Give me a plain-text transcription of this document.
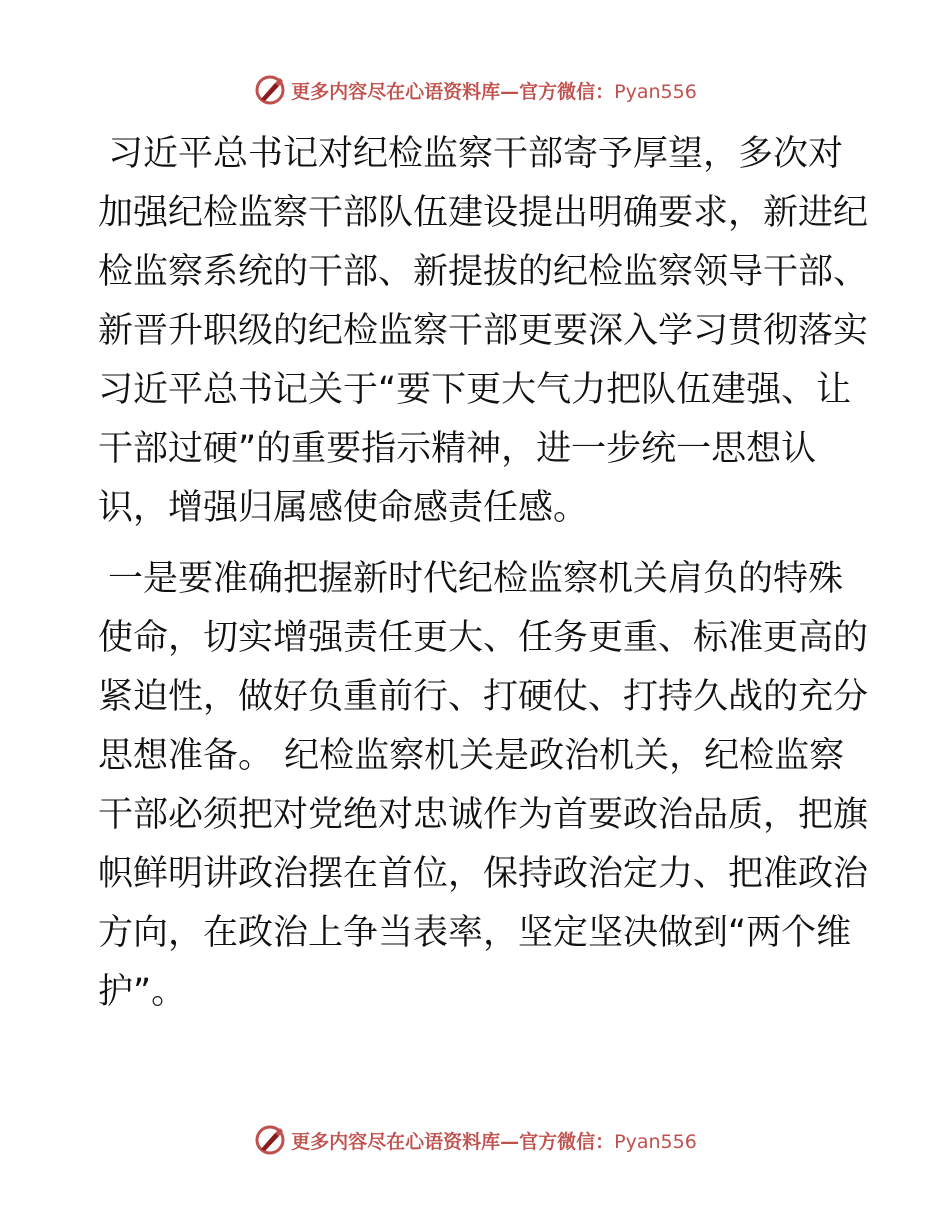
更多内容尽在心语资料库—官方微信：Pyan556
习近平总书记对纪检监察干部寄予厚望，多次对
加强纪检监察干部队伍建设提出明确要求，新进纪
检监察系统的干部、新提拔的纪检监察领导干部、
新晋升职级的纪检监察干部更要深入学习贯彻落实
习近平总书记关于“要下更大气力把队伍建强、让
干部过硬”的重要指示精神，进一步统一思想认
识，增强归属感使命感责任感。
一是要准确把握新时代纪检监察机关肩负的特殊
使命，切实增强责任更大、任务更重、标准更高的
紧迫性，做好负重前行、打硬仗、打持久战的充分
思想准备。 纪检监察机关是政治机关，纪检监察
干部必须把对党绝对忠诚作为首要政治品质，把旗
帜鲜明讲政治摆在首位，保持政治定力、把准政治
方向，在政治上争当表率，坚定坚决做到“两个维
护”。
更多内容尽在心语资料库—官方微信：Pyan556
